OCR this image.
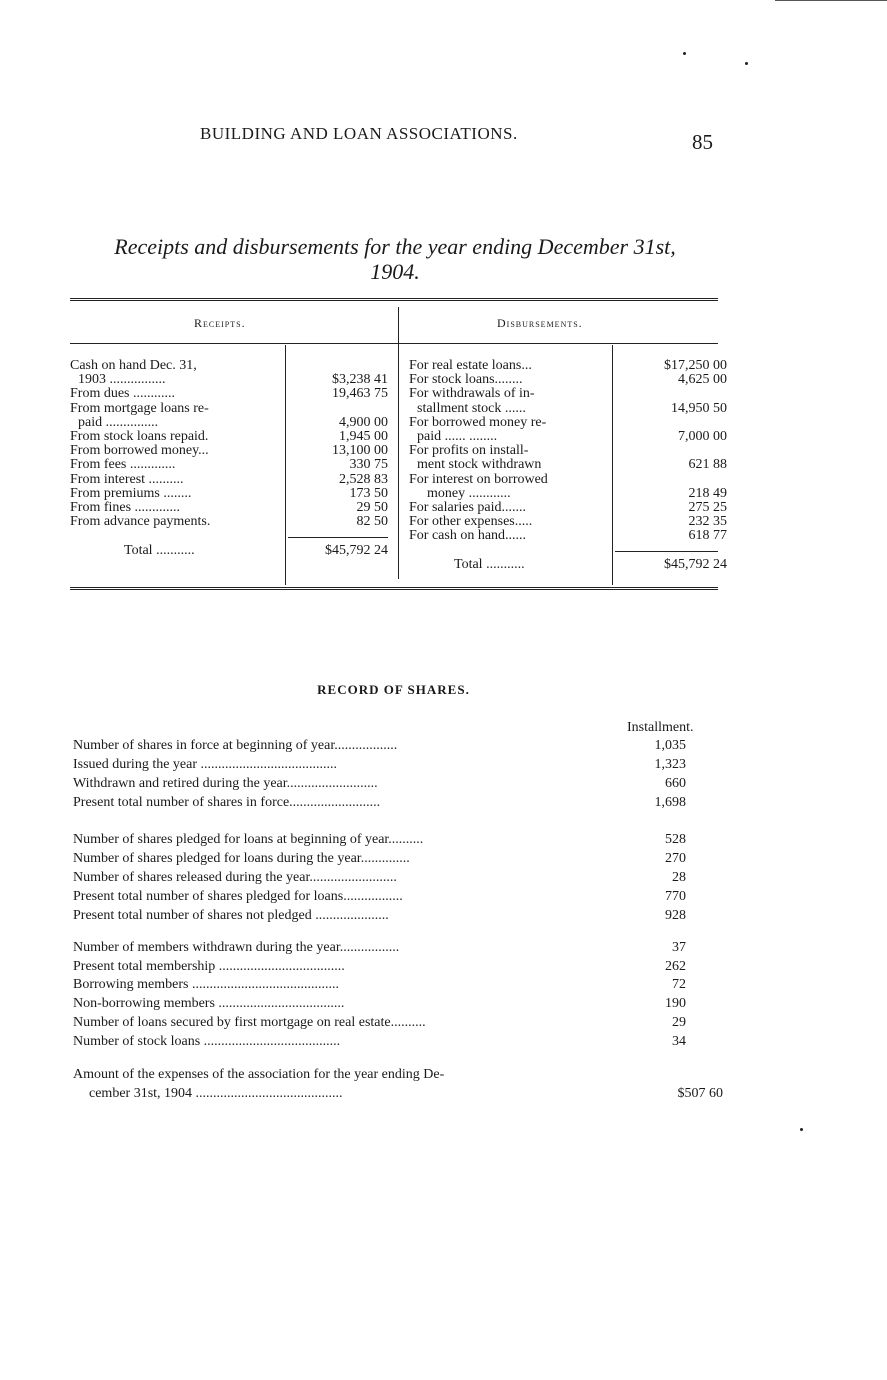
BUILDING AND LOAN ASSOCIATIONS.	85
Receipts and disbursements for the year ending December 31st,
1904.
Receipts.	Disbursements.
Cash on hand Dec. 31,
1903 ................	$3,238 41
From dues ............	19,463 75
From mortgage loans re-
paid ...............	4,900 00
From stock loans repaid.	1,945 00
From borrowed money...	13,100 00
From fees .............	330 75
From interest ..........	2,528 83
From premiums ........	173 50
From fines .............	29 50
From advance payments.	82 50
Total ...........	$45,792 24
For real estate loans...	$17,250 00
For stock loans........	4,625 00
For withdrawals of in-
stallment stock ......	14,950 50
For borrowed money re-
paid ...... ........	7,000 00
For profits on install-
ment stock withdrawn	621 88
For interest on borrowed
money ............	218 49
For salaries paid.......	275 25
For other expenses.....	232 35
For cash on hand......	618 77
Total ...........	$45,792 24
RECORD OF SHARES.
Installment.
Number of shares in force at beginning of year..................	1,035
Issued during the year .......................................	1,323
Withdrawn and retired during the year..........................	660
Present total number of shares in force..........................	1,698
Number of shares pledged for loans at beginning of year..........	528
Number of shares pledged for loans during the year..............	270
Number of shares released during the year.........................	28
Present total number of shares pledged for loans.................	770
Present total number of shares not pledged .....................	928
Number of members withdrawn during the year.................	37
Present total membership ....................................	262
Borrowing members ..........................................	72
Non-borrowing members ....................................	190
Number of loans secured by first mortgage on real estate..........	29
Number of stock loans .......................................	34
Amount of the expenses of the association for the year ending De-
cember 31st, 1904 ..........................................	$507 60
